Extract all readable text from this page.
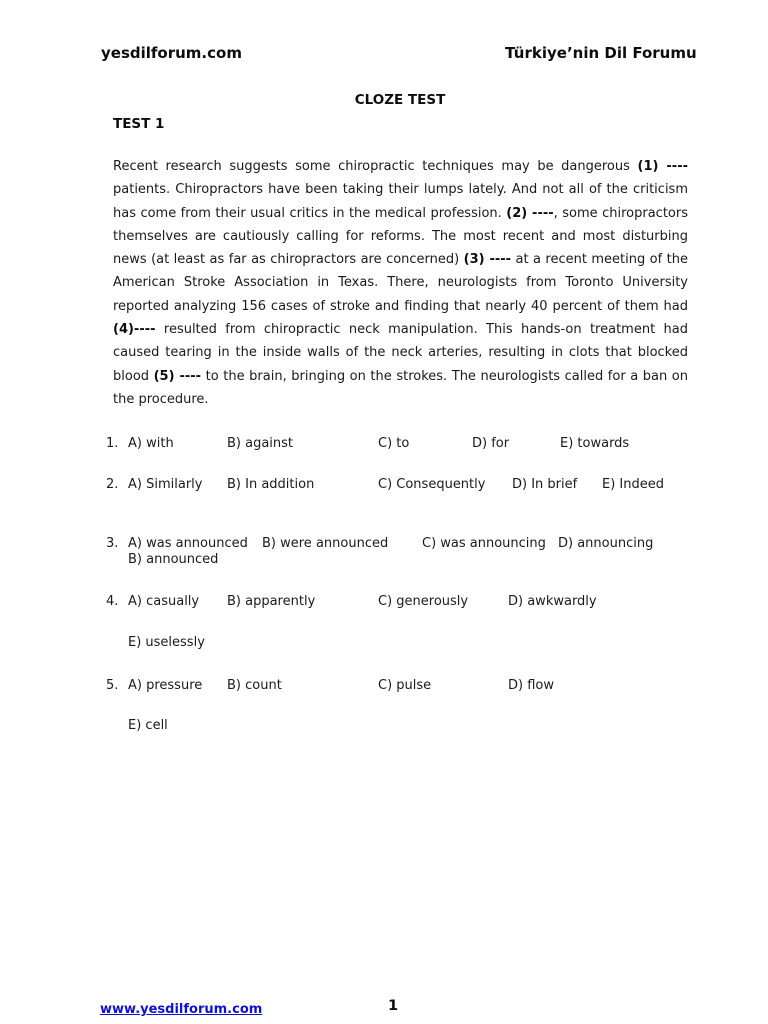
yesdilforum.com	Türkiye’nin Dil Forumu
CLOZE TEST
TEST 1
Recent research suggests some chiropractic techniques may be dangerous (1) ---- patients. Chiropractors have been taking their lumps lately. And not all of the criticism has come from their usual critics in the medical profession. (2) ----, some chiropractors themselves are cautiously calling for reforms. The most recent and most disturbing news (at least as far as chiropractors are concerned) (3) ---- at a recent meeting of the American Stroke Association in Texas. There, neurologists from Toronto University reported analyzing 156 cases of stroke and finding that nearly 40 percent of them had (4)---- resulted from chiropractic neck manipulation. This hands-on treatment had caused tearing in the inside walls of the neck arteries, resulting in clots that blocked blood (5) ---- to the brain, bringing on the strokes. The neurologists called for a ban on the procedure.
1. A) with	B) against	C) to	D) for	E) towards
2. A) Similarly B) In addition	C) Consequently D) In brief E) Indeed
3. A) was announced B) were announced	C) was announcing D) announcing
B) announced
4. A) casually B) apparently	C) generously	D) awkwardly
E) uselessly
5. A) pressure B) count	C) pulse	D) flow
E) cell
www.yesdilforum.com	1
